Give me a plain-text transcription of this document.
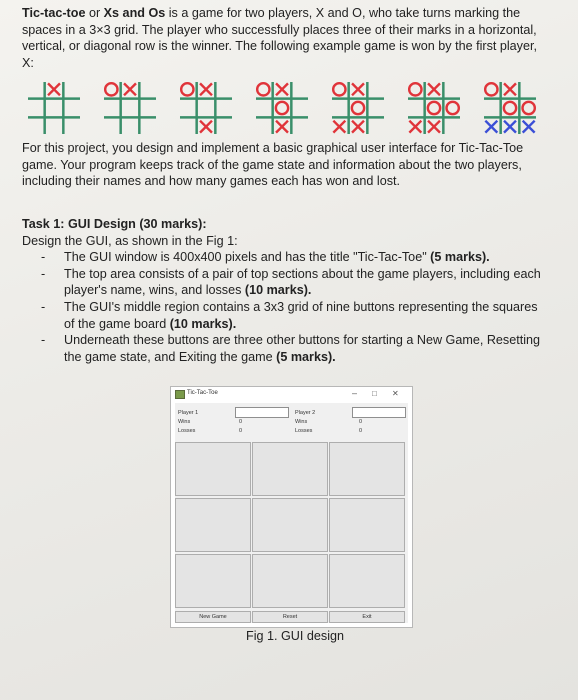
Tic-tac-toe or Xs and Os is a game for two players, X and O, who take turns marking the spaces in a 3×3 grid. The player who successfully places three of their marks in a horizontal, vertical, or diagonal row is the winner. The following example game is won by the first player, X:
For this project, you design and implement a basic graphical user interface for Tic-Tac-Toe game. Your program keeps track of the game state and information about the two players, including their names and how many games each has won and lost.
Task 1: GUI Design (30 marks):
Design the GUI, as shown in the Fig 1:
- The GUI window is 400x400 pixels and has the title "Tic-Tac-Toe" (5 marks).
- The top area consists of a pair of top sections about the game players, including each player's name, wins, and losses (10 marks).
- The GUI's middle region contains a 3x3 grid of nine buttons representing the squares of the game board (10 marks).
- Underneath these buttons are three other buttons for starting a New Game, Resetting the game state, and Exiting the game (5 marks).
Tic-Tac-Toe	– □ ✕
Player 1
Wins	0
Losses	0
Player 2
Wins	0
Losses	0
New Game	Reset	Exit
Fig 1. GUI design
